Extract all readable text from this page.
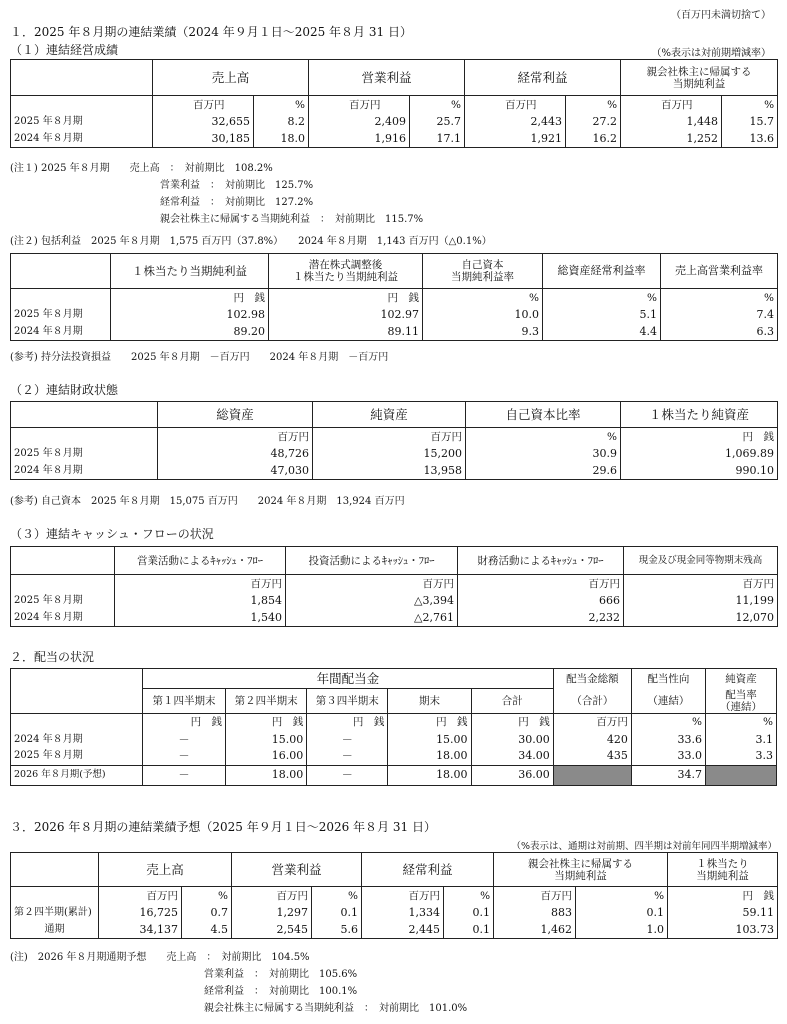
（百万円未満切捨て）
１．2025 年８月期の連結業績（2024 年９月１日～2025 年８月 31 日）
（１）連結経営成績	（%表示は対前期増減率）
	売上高		営業利益		経常利益		親会社株主に帰属する
当期純利益	

	百万円	%	百万円	%	百万円	%	百万円	%
2025 年８月期	32,655	8.2	2,409	25.7	2,443	27.2	1,448	15.7
2024 年８月期	30,185	18.0	1,916	17.1	1,921	16.2	1,252	13.6
(注１) 2025 年８月期　　売上高　：　対前期比　108.2%
営業利益　：　対前期比　125.7%
経常利益　：　対前期比　127.2%
親会社株主に帰属する当期純利益　：　対前期比　115.7%
(注２) 包括利益　2025 年８月期　1,575 百万円（37.8%）　　2024 年８月期　1,143 百万円（△0.1%）
	１株当たり当期純利益	潜在株式調整後
１株当たり当期純利益	自己資本
当期純利益率	総資産経常利益率	売上高営業利益率
	円　銭	円　銭	%	%	%
2025 年８月期	102.98	102.97	10.0	5.1	7.4
2024 年８月期	89.20	89.11	9.3	4.4	6.3
(参考) 持分法投資損益　　2025 年８月期　－百万円　　2024 年８月期　－百万円
（２）連結財政状態
	総資産	純資産	自己資本比率	１株当たり純資産
	百万円	百万円	%	円　銭
2025 年８月期	48,726	15,200	30.9	1,069.89
2024 年８月期	47,030	13,958	29.6	990.10
(参考) 自己資本　2025 年８月期　15,075 百万円　　2024 年８月期　13,924 百万円
（３）連結キャッシュ・フローの状況
	営業活動によるｷｬｯｼｭ・ﾌﾛｰ	投資活動によるｷｬｯｼｭ・ﾌﾛｰ	財務活動によるｷｬｯｼｭ・ﾌﾛｰ	現金及び現金同等物期末残高
	百万円	百万円	百万円	百万円
2025 年８月期	1,854	△3,394	666	11,199
2024 年８月期	1,540	△2,761	2,232	12,070
２．配当の状況
	年間配当金					配当金総額	配当性向	純資産
	第１四半期末	第２四半期末	第３四半期末	期末	合計	（合計）	（連結）	配当率
（連結）

	円　銭	円　銭	円　銭	円　銭	円　銭	百万円	%	%
2024 年８月期	－	15.00	－	15.00	30.00	420	33.6	3.1
2025 年８月期	－	16.00	－	18.00	34.00	435	33.0	3.3
2026 年８月期(予想)	－	18.00	－	18.00	36.00		34.7	
３．2026 年８月期の連結業績予想（2025 年９月１日～2026 年８月 31 日）
（%表示は、通期は対前期、四半期は対前年同四半期増減率）
	売上高		営業利益		経常利益		親会社株主に帰属する
当期純利益		１株当たり
当期純利益

	百万円	%	百万円	%	百万円	%	百万円	%	円　銭
第２四半期(累計)	16,725	0.7	1,297	0.1	1,334	0.1	883	0.1	59.11
通期	34,137	4.5	2,545	5.6	2,445	0.1	1,462	1.0	103.73
(注)　2026 年８月期通期予想　　売上高　：　対前期比　104.5%
営業利益　：　対前期比　105.6%
経常利益　：　対前期比　100.1%
親会社株主に帰属する当期純利益　：　対前期比　101.0%
